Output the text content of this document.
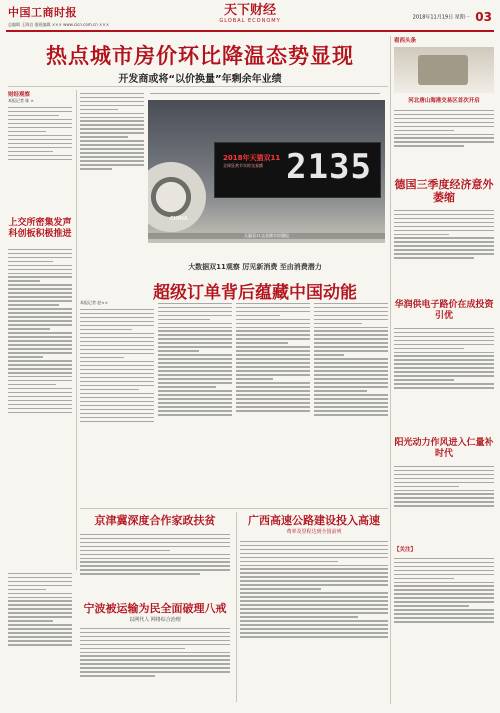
中国工商时报
总编辑 王海岩 值班编辑 ××× www.cicn.com.cn ×××
天下财经
GLOBAL ECONOMY
2018年11月19日 星期一 03
热点城市房价环比降温态势显现
开发商或将“以价换量”年剩余年业绩
财经观察
本报记者 陈 ×
上交所密集发声
科创板积极推进
2018年天猫双11
全球狂欢节实时交易额 2135
CHINA
天猫双11交易额实时播报
大数据双11观察 厉见新消费 至由消费潜力
超级订单背后蕴藏中国动能
本报记者 赵××
京津冀深度合作家政扶贫
宁波被运输为民全面破理八戒
以网代人 网络综合治理
广西高速公路建设投入高速
费率及里程达到全国前列
看西头条
河北唐山海港交易区首次开启
德国三季度经济意外萎缩
华润供电子路价在成投资引优
阳光动力作风进入仁量补时代
【关注】
